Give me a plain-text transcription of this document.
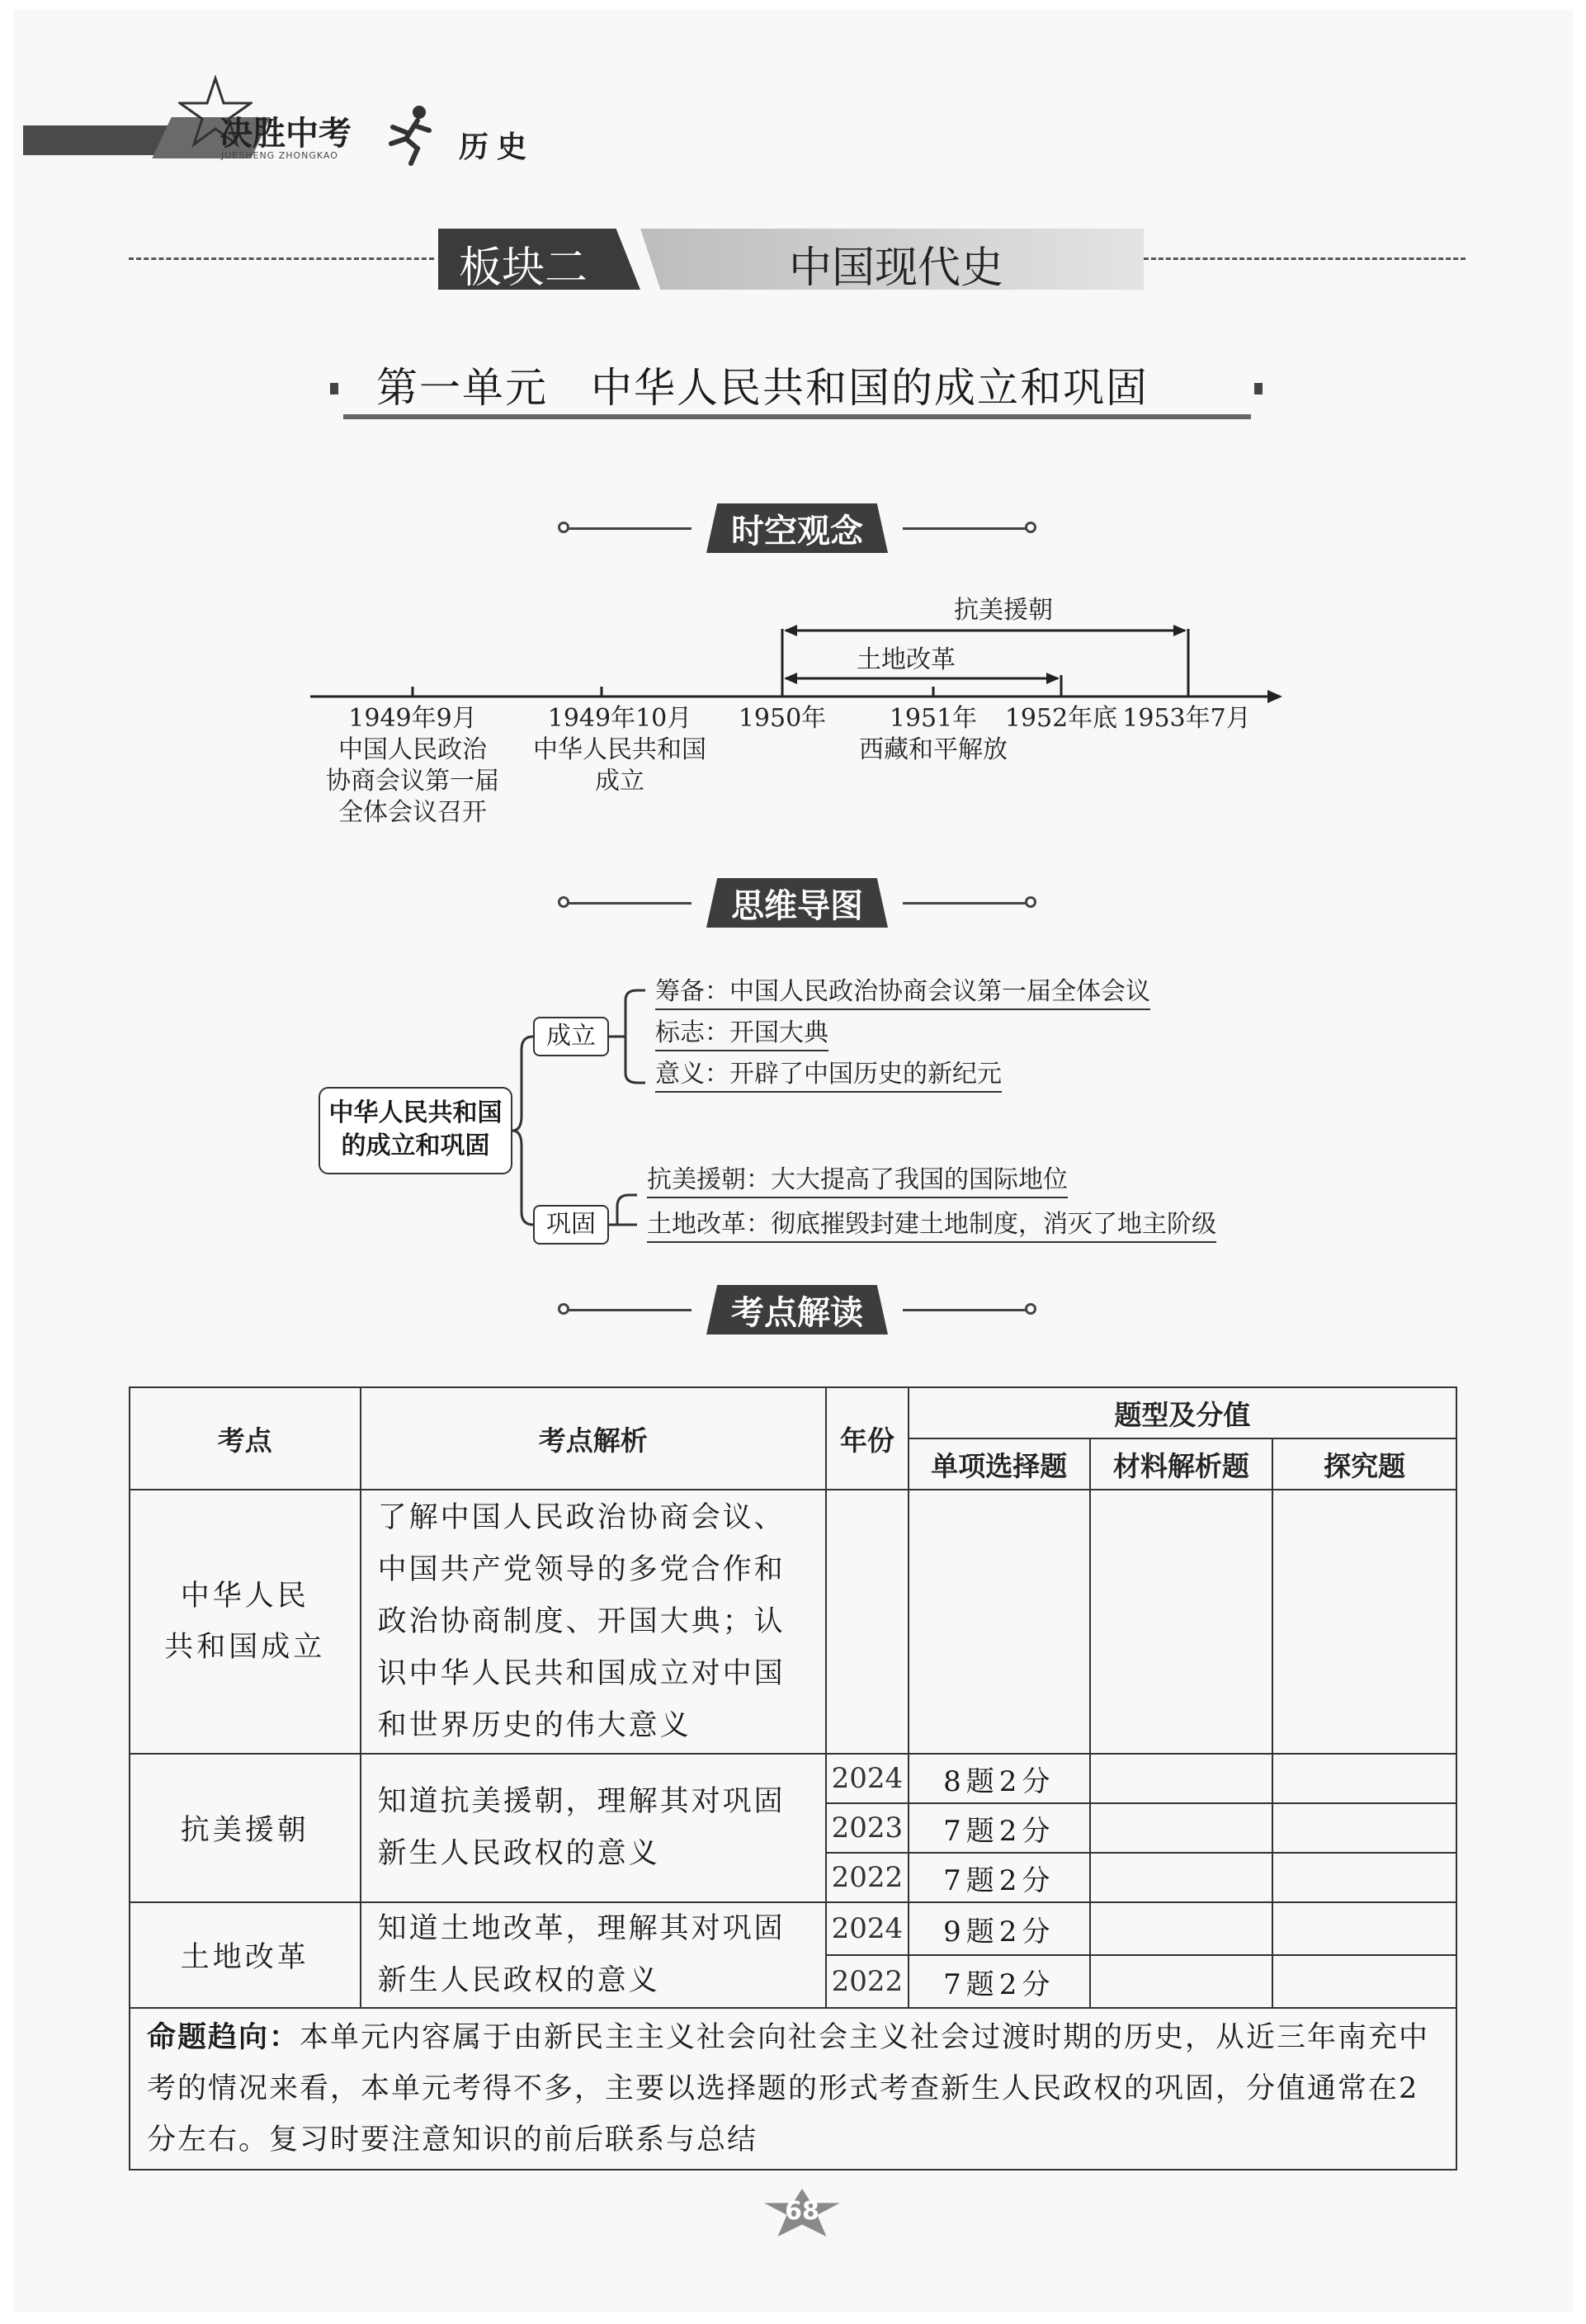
决胜中考
JUESHENG ZHONGKAO	历史
板块二	中国现代史
第一单元　中华人民共和国的成立和巩固
时空观念
抗美援朝
土地改革
1949年9月
中国人民政治
协商会议第一届
全体会议召开
1949年10月
中华人民共和国
成立
1950年	1951年
西藏和平解放
1952年底 1953年7月
思维导图
中华人民共和国
的成立和巩固
成立
巩固
筹备：中国人民政治协商会议第一届全体会议
标志：开国大典
意义：开辟了中国历史的新纪元
抗美援朝：大大提高了我国的国际地位
土地改革：彻底摧毁封建土地制度，消灭了地主阶级
考点解读
考点	考点解析	年份	题型及分值		
			单项选择题	材料解析题	探究题

中华人民
共和国成立	了解中国人民政治协商会议、中国共产党领导的多党合作和政治协商制度、开国大典；认识中华人民共和国成立对中国和世界历史的伟大意义				
抗美援朝	知道抗美援朝，理解其对巩固新生人民政权的意义	2024	8题2分		
		2023	7题2分		
		2022	7题2分		
土地改革	知道土地改革，理解其对巩固新生人民政权的意义	2024	9题2分		
		2022	7题2分		
命题趋向：本单元内容属于由新民主主义社会向社会主义社会过渡时期的历史，从近三年南充中考的情况来看，本单元考得不多，主要以选择题的形式考查新生人民政权的巩固，分值通常在2分左右。复习时要注意知识的前后联系与总结					
68
